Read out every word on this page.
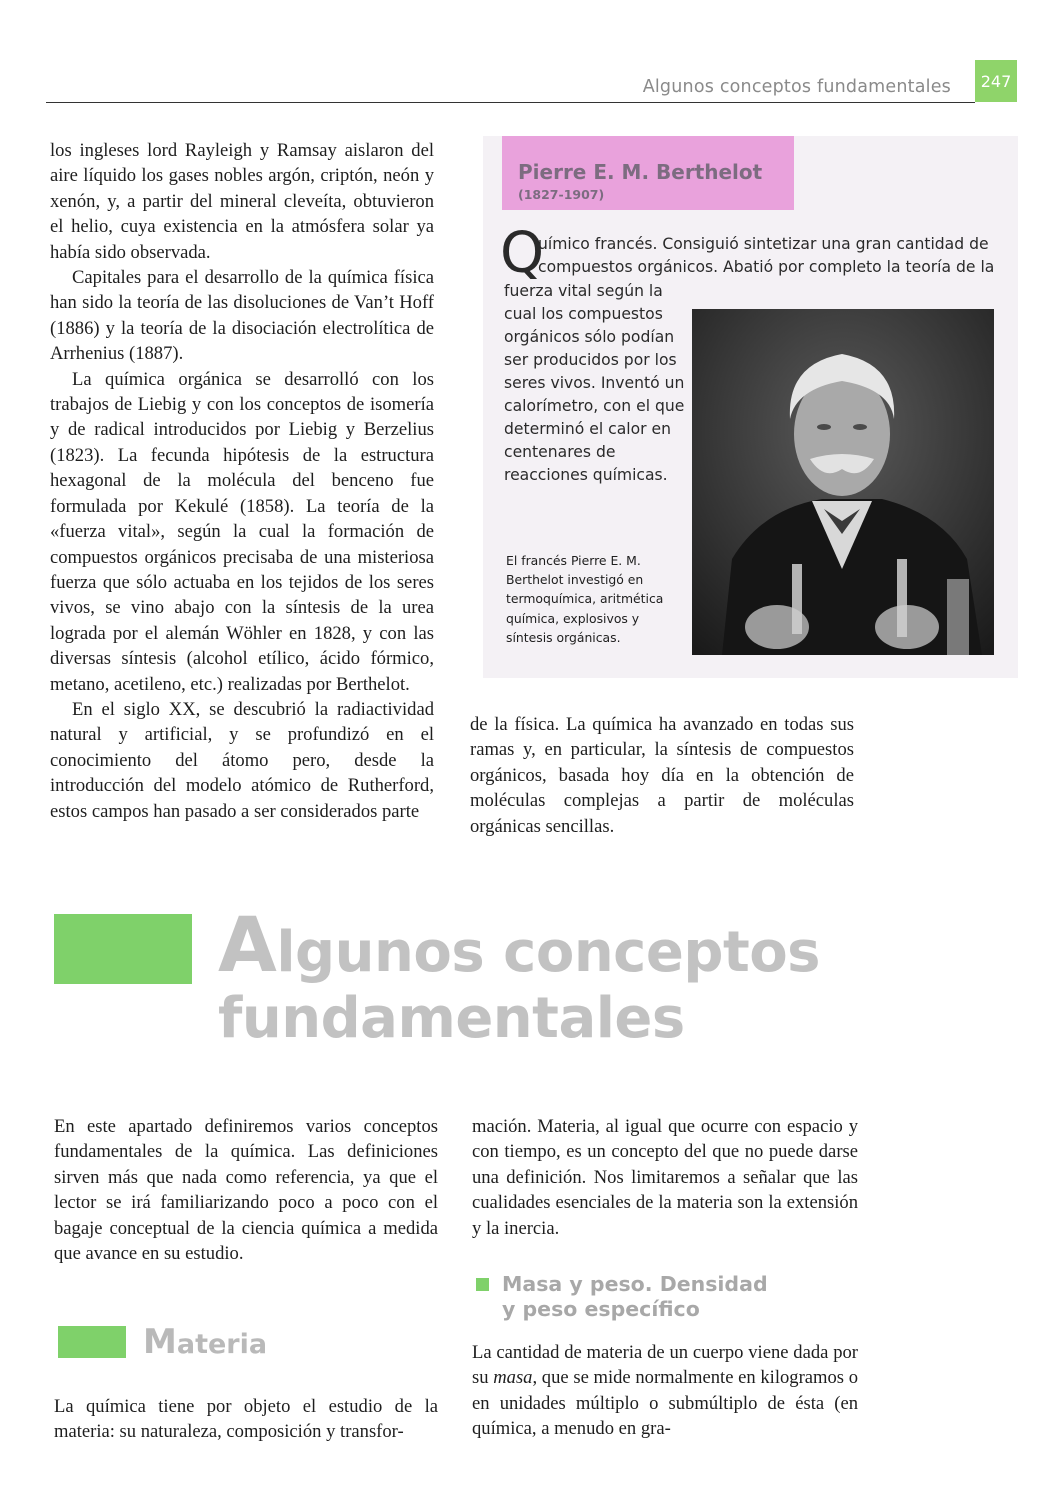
Algunos conceptos fundamentales	247

los ingleses lord Rayleigh y Ramsay aislaron del aire líquido los gases nobles argón, criptón, neón y xenón, y, a partir del mineral cleveíta, obtuvieron el helio, cuya existencia en la atmósfera solar ya había sido observada.

Capitales para el desarrollo de la química física han sido la teoría de las disoluciones de Van’t Hoff (1886) y la teoría de la disociación electrolítica de Arrhenius (1887).

La química orgánica se desarrolló con los trabajos de Liebig y con los conceptos de isomería y de radical introducidos por Liebig y Berzelius (1823). La fecunda hipótesis de la estructura hexagonal de la molécula del benceno fue formulada por Kekulé (1858). La teoría de la «fuerza vital», según la cual la formación de compuestos orgánicos precisaba de una misteriosa fuerza que sólo actuaba en los tejidos de los seres vivos, se vino abajo con la síntesis de la urea lograda por el alemán Wöhler en 1828, y con las diversas síntesis (alcohol etílico, ácido fórmico, metano, acetileno, etc.) realizadas por Berthelot.

En el siglo XX, se descubrió la radiactividad natural y artificial, y se profundizó en el conocimiento del átomo pero, desde la introducción del modelo atómico de Rutherford, estos campos han pasado a ser considerados parte

Pierre E. M. Berthelot
(1827-1907)
Q
uímico francés. Consiguió sintetizar una gran cantidad de
compuestos orgánicos. Abatió por completo la teoría de la
fuerza vital según la cual los compuestos orgánicos sólo podían ser producidos por los seres vivos. Inventó un calorímetro, con el que determinó el calor en centenares de reacciones químicas.
El francés Pierre E. M. Berthelot investigó en termoquímica, aritmética química, explosivos y síntesis orgánicas.

de la física. La química ha avanzado en todas sus ramas y, en particular, la síntesis de compuestos orgánicos, basada hoy día en la obtención de moléculas complejas a partir de moléculas orgánicas sencillas.

Algunos conceptos
fundamentales

En este apartado definiremos varios conceptos fundamentales de la química. Las definiciones sirven más que nada como referencia, ya que el lector se irá familiarizando poco a poco con el bagaje conceptual de la ciencia química a medida que avance en su estudio.

mación. Materia, al igual que ocurre con espacio y con tiempo, es un concepto del que no puede darse una definición. Nos limitaremos a señalar que las cualidades esenciales de la materia son la extensión y la inercia.

Materia

La química tiene por objeto el estudio de la materia: su naturaleza, composición y transfor-

Masa y peso. Densidad
y peso específico

La cantidad de materia de un cuerpo viene dada por su masa, que se mide normalmente en kilogramos o en unidades múltiplo o submúltiplo de ésta (en química, a menudo en gra-
